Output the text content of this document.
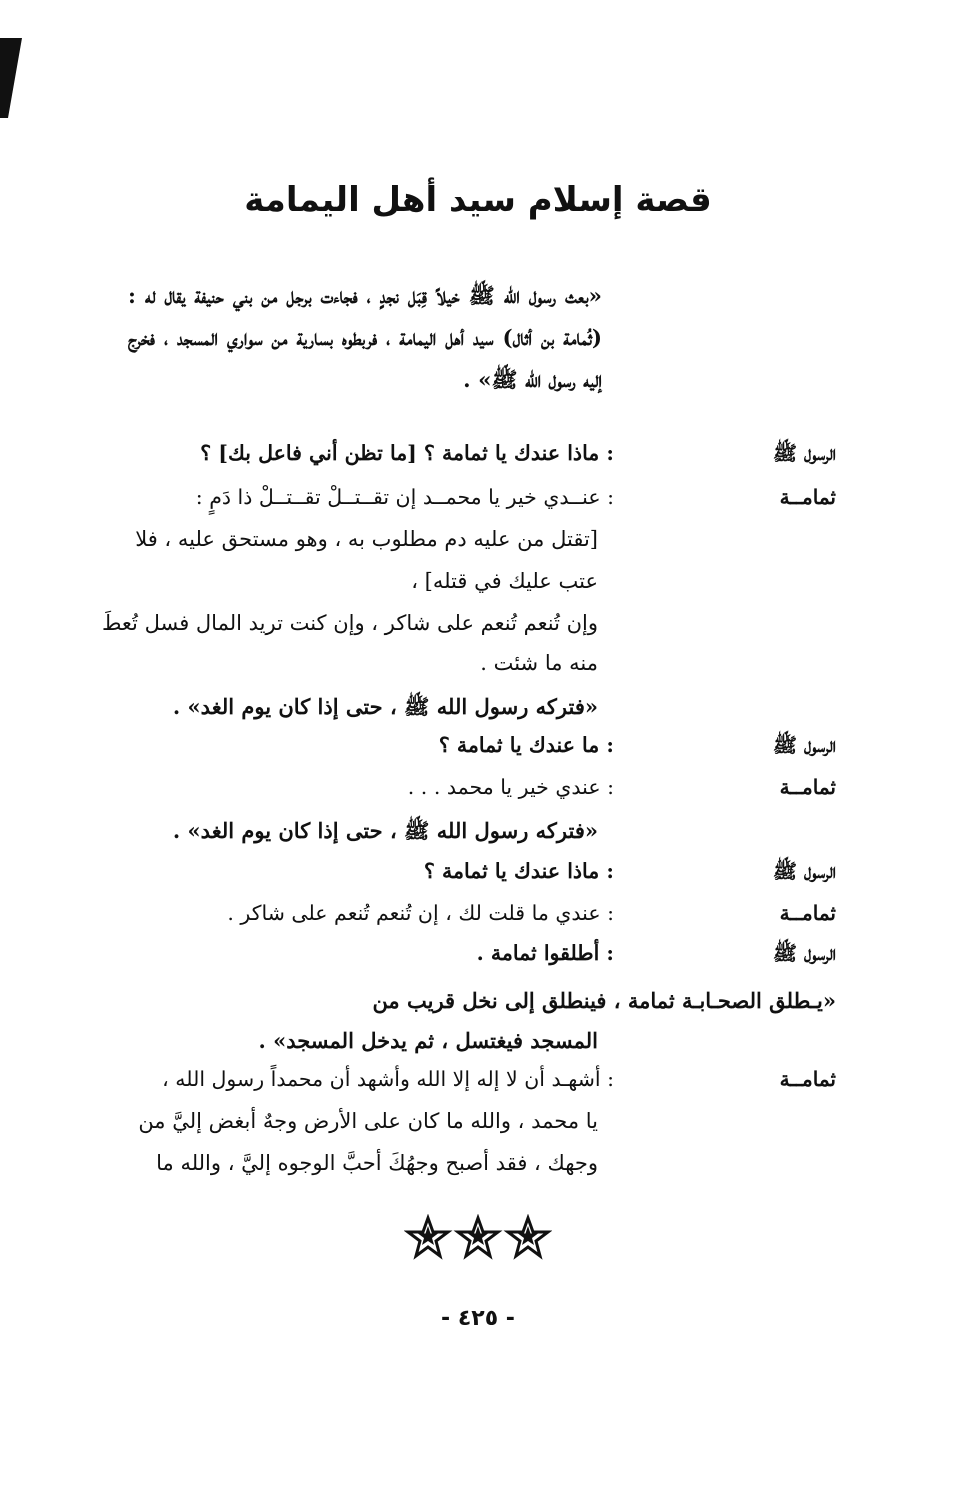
قصة إسلام سيد أهل اليمامة
«بعث رسول الله ﷺ خيلاً قِبَل نجدٍ ، فجاءت برجل من بني حنيفة يقال له : (ثُمامة بن أثال) سيد أهل اليمامة ، فربطوه بسارية من سواري المسجد ، فخرج إليه رسول الله ﷺ» .
الرسول ﷺ
: ماذا عندك يا ثمامة ؟ [ما تظن أني فاعل بك] ؟
ثمامــة
: عنــدي خير يا محمــد إن تقــتــلْ تقــتــلْ ذا دَمٍ :
[تقتل من عليه دم مطلوب به ، وهو مستحق عليه ، فلا
عتب عليك في قتله] ،
وإن تُنعم تُنعم على شاكر ، وإن كنت تريد المال فسل تُعطَ
منه ما شئت .
«فتركه رسول الله ﷺ ، حتى إذا كان يوم الغد» .
الرسول ﷺ
: ما عندك يا ثمامة ؟
ثمامــة
: عندي خير يا محمد . . .
«فتركه رسول الله ﷺ ، حتى إذا كان يوم الغد» .
الرسول ﷺ
: ماذا عندك يا ثمامة ؟
ثمامــة
: عندي ما قلت لك ، إن تُنعم تُنعم على شاكر .
الرسول ﷺ
: أطلقوا ثمامة .
«يـطلق الصحـابـة ثمامة ، فينطلق إلى نخل قريب من
المسجد فيغتسل ، ثم يدخل المسجد» .
ثمامــة
: أشهـد أن لا إله إلا الله وأشهد أن محمداً رسول الله ،
يا محمد ، والله ما كان على الأرض وجهٌ أبغض إليَّ من
وجهك ، فقد أصبح وجهُكَ أحبَّ الوجوه إليَّ ، والله ما
- ٤٢٥ -
